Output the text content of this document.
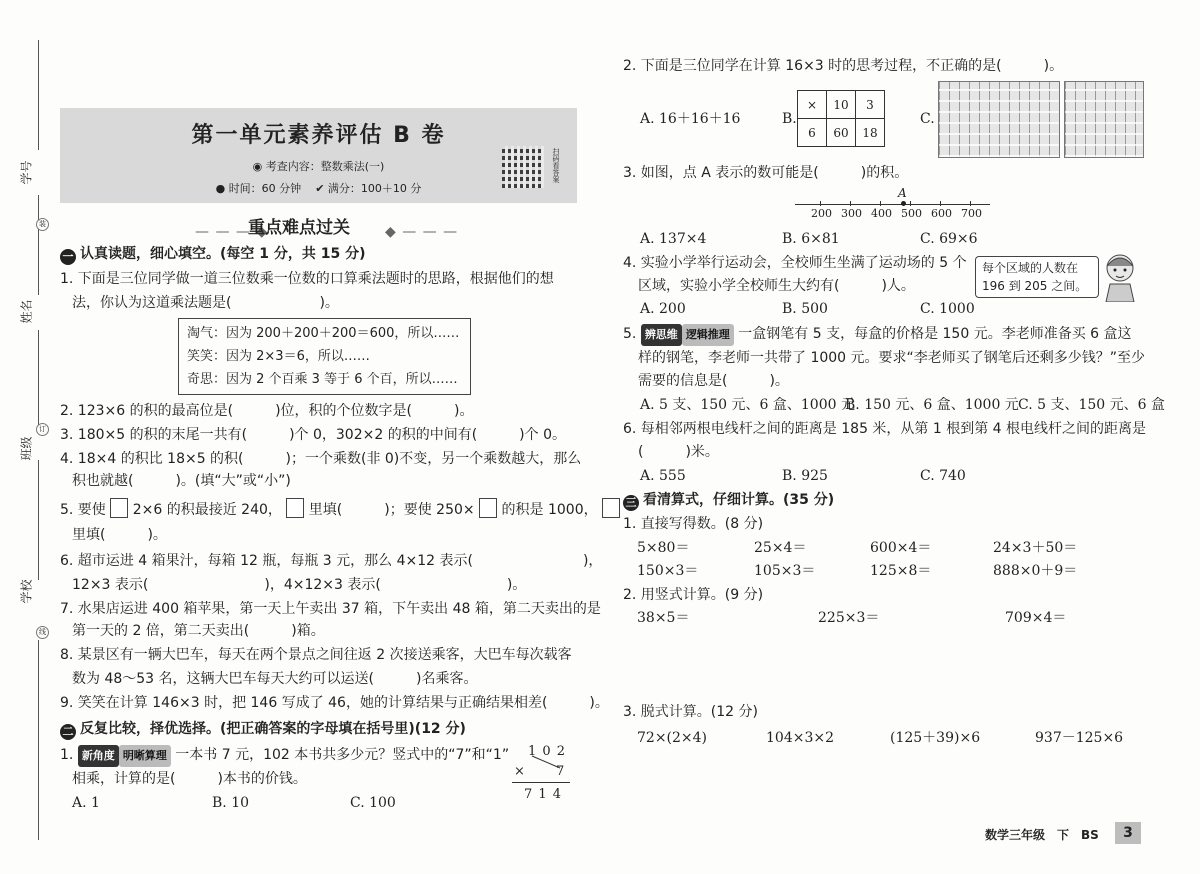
学号
姓名
班级
学校
装
订
线
第一单元素养评估 B 卷
◉ 考查内容：整数乘法(一)
● 时间：60 分钟 ✔ 满分：100＋10 分
扫码看答案
— — — ◆
重点难点过关	◆ — — —
一 认真读题，细心填空。(每空 1 分，共 15 分)
1. 下面是三位同学做一道三位数乘一位数的口算乘法题时的思路，根据他们的想
法，你认为这道乘法题是(	)。
淘气：因为 200＋200＋200＝600，所以……
笑笑：因为 2×3＝6，所以……
奇思：因为 2 个百乘 3 等于 6 个百，所以……
2. 123×6 的积的最高位是(　　　)位，积的个位数字是(　　　)。
3. 180×5 的积的末尾一共有(　　　)个 0，302×2 的积的中间有(　　　)个 0。
4. 18×4 的积比 18×5 的积(　　　)；一个乘数(非 0)不变，另一个乘数越大，那么
积也就越(　　　)。(填“大”或“小”)
5. 要使 2×6 的积最接近 240， 里填(　　　)；要使 250× 的积是 1000，
里填(　　　)。
6. 超市运进 4 箱果汁，每箱 12 瓶，每瓶 3 元，那么 4×12 表示(	)，
12×3 表示(	)，4×12×3 表示(	)。
7. 水果店运进 400 箱苹果，第一天上午卖出 37 箱，下午卖出 48 箱，第二天卖出的是
第一天的 2 倍，第二天卖出(　　　)箱。
8. 某景区有一辆大巴车，每天在两个景点之间往返 2 次接送乘客，大巴车每次载客
数为 48～53 名，这辆大巴车每天大约可以运送(　　　)名乘客。
9. 笑笑在计算 146×3 时，把 146 写成了 46，她的计算结果与正确结果相差(　　　)。
二 反复比较，择优选择。(把正确答案的字母填在括号里)(12 分)
1. 新角度 明晰算理 一本书 7 元，102 本书共多少元？竖式中的“7”和“1”
相乘，计算的是(　　　)本书的价钱。
A. 1	B. 10	C. 100
1 0 2
× 7
7 1 4
2. 下面是三位同学在计算 16×3 时的思考过程，不正确的是(　　　)。
A. 16＋16＋16	B.
×	10	3
6	60	18
C.
3. 如图，点 A 表示的数可能是(　　　)的积。
A
200 300 400 500 600 700
A. 137×4	B. 6×81	C. 69×6
4. 实验小学举行运动会，全校师生坐满了运动场的 5 个
区域，实验小学全校师生大约有(　　　)人。
每个区域的人数在
196 到 205 之间。
A. 200	B. 500	C. 1000
5. 辨思维 逻辑推理 一盒钢笔有 5 支，每盒的价格是 150 元。李老师准备买 6 盒这
样的钢笔，李老师一共带了 1000 元。要求“李老师买了钢笔后还剩多少钱？”至少
需要的信息是(　　　)。
A. 5 支、150 元、6 盒、1000 元
B. 150 元、6 盒、1000 元 C. 5 支、150 元、6 盒
6. 每相邻两根电线杆之间的距离是 185 米，从第 1 根到第 4 根电线杆之间的距离是
(　　　)米。
A. 555	B. 925	C. 740
三 看清算式，仔细计算。(35 分)
1. 直接写得数。(8 分)
5×80＝	25×4＝	600×4＝	24×3＋50＝
150×3＝	105×3＝	125×8＝	888×0＋9＝
2. 用竖式计算。(9 分)
38×5＝	225×3＝	709×4＝
3. 脱式计算。(12 分)
72×(2×4)	104×3×2	(125＋39)×6	937－125×6
数学三年级　下　BS	3
